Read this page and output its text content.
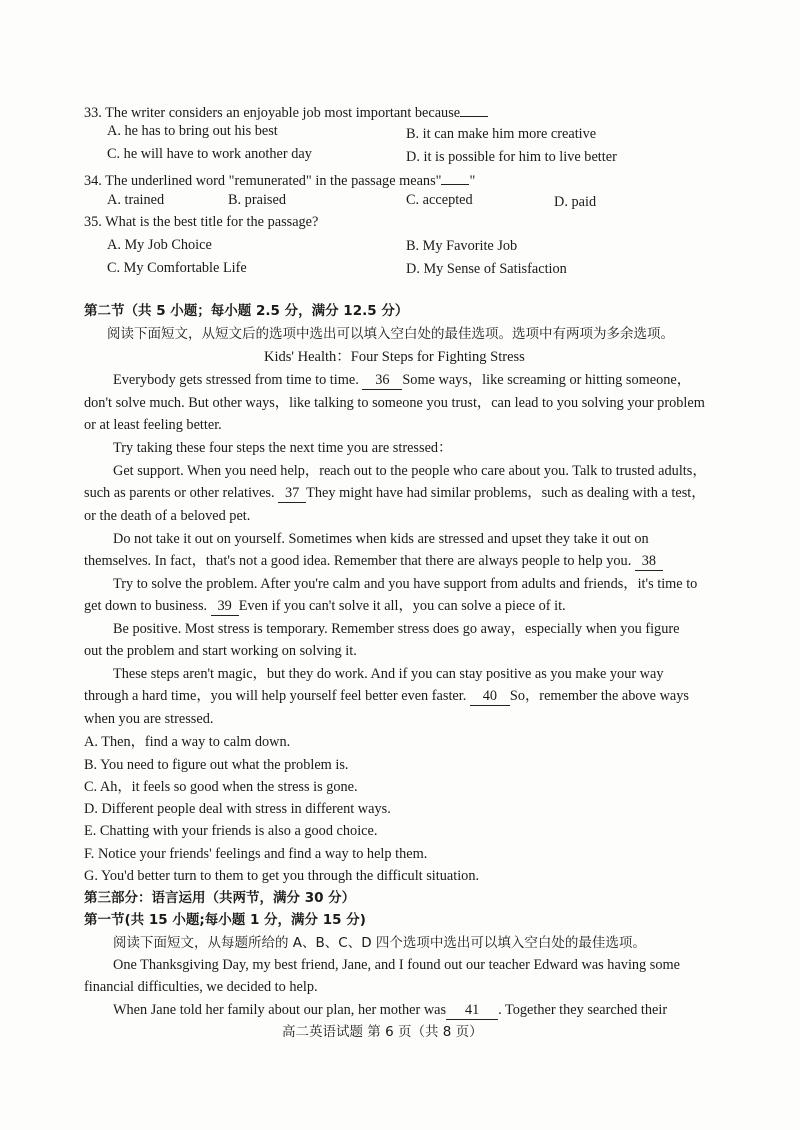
33. The writer considers an enjoyable job most important because
A. he has to bring out his best	B. it can make him more creative
C. he will have to work another day	D. it is possible for him to live better
34. The underlined word "remunerated" in the passage means" "
A. trained	B. praised	C. accepted	D. paid
35. What is the best title for the passage?
A. My Job Choice	B. My Favorite Job
C. My Comfortable Life	D. My Sense of Satisfaction
第二节（共 5 小题；每小题 2.5 分，满分 12.5 分）
阅读下面短文，从短文后的选项中选出可以填入空白处的最佳选项。选项中有两项为多余选项。
Kids' Health：Four Steps for Fighting Stress
Everybody gets stressed from time to time. 36 Some ways，like screaming or hitting someone，
don't solve much. But other ways，like talking to someone you trust，can lead to you solving your problem
or at least feeling better.
Try taking these four steps the next time you are stressed：
Get support. When you need help，reach out to the people who care about you. Talk to trusted adults，
such as parents or other relatives. 37 They might have had similar problems，such as dealing with a test，
or the death of a beloved pet.
Do not take it out on yourself. Sometimes when kids are stressed and upset they take it out on
themselves. In fact，that's not a good idea. Remember that there are always people to help you. 38
Try to solve the problem. After you're calm and you have support from adults and friends，it's time to
get down to business. 39 Even if you can't solve it all，you can solve a piece of it.
Be positive. Most stress is temporary. Remember stress does go away，especially when you figure
out the problem and start working on solving it.
These steps aren't magic，but they do work. And if you can stay positive as you make your way
through a hard time，you will help yourself feel better even faster. 40 So，remember the above ways
when you are stressed.
A. Then，find a way to calm down.
B. You need to figure out what the problem is.
C. Ah，it feels so good when the stress is gone.
D. Different people deal with stress in different ways.
E. Chatting with your friends is also a good choice.
F. Notice your friends' feelings and find a way to help them.
G. You'd better turn to them to get you through the difficult situation.
第三部分：语言运用（共两节，满分 30 分）
第一节(共 15 小题;每小题 1 分，满分 15 分)
阅读下面短文，从每题所给的 A、B、C、D 四个选项中选出可以填入空白处的最佳选项。
One Thanksgiving Day, my best friend, Jane, and I found out our teacher Edward was having some
financial difficulties, we decided to help.
When Jane told her family about our plan, her mother was 41 . Together they searched their
高二英语试题 第 6 页（共 8 页）
